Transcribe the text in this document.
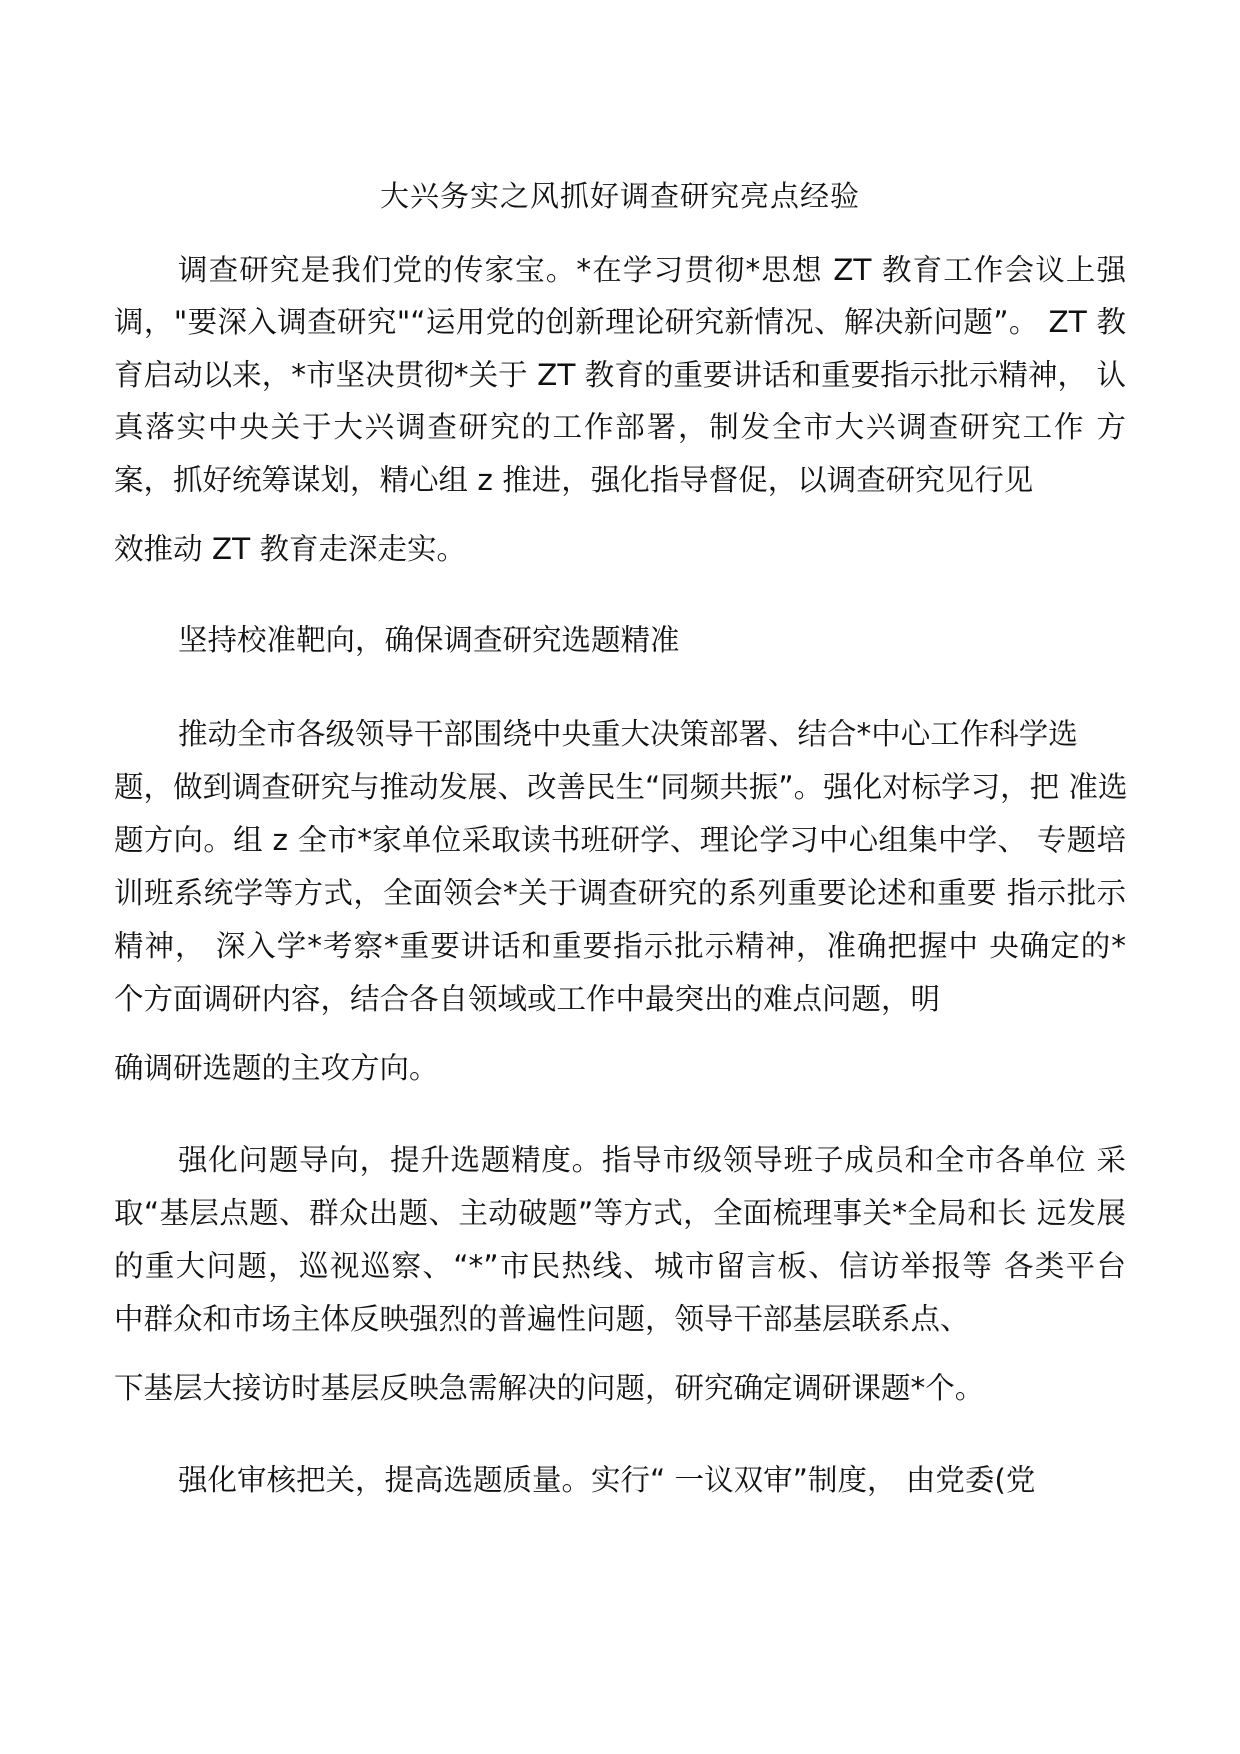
大兴务实之风抓好调查研究亮点经验
调查研究是我们党的传家宝。*在学习贯彻*思想 ZT 教育工作会议上强
调，"要深入调查研究"“运用党的创新理论研究新情况、解决新问题”。 ZT 教
育启动以来，*市坚决贯彻*关于 ZT 教育的重要讲话和重要指示批示精神， 认
真落实中央关于大兴调查研究的工作部署，制发全市大兴调查研究工作 方
案，抓好统筹谋划，精心组 z 推进，强化指导督促，以调查研究见行见
效推动 ZT 教育走深走实。
坚持校准靶向，确保调查研究选题精准
推动全市各级领导干部围绕中央重大决策部署、结合*中心工作科学选
题，做到调查研究与推动发展、改善民生“同频共振”。强化对标学习，把 准选
题方向。组 z 全市*家单位采取读书班研学、理论学习中心组集中学、 专题培
训班系统学等方式，全面领会*关于调查研究的系列重要论述和重要 指示批示
精神， 深入学*考察*重要讲话和重要指示批示精神，准确把握中 央确定的*
个方面调研内容，结合各自领域或工作中最突出的难点问题，明
确调研选题的主攻方向。
强化问题导向，提升选题精度。指导市级领导班子成员和全市各单位 采
取“基层点题、群众出题、主动破题”等方式，全面梳理事关*全局和长 远发展
的重大问题，巡视巡察、“*”市民热线、城市留言板、信访举报等 各类平台
中群众和市场主体反映强烈的普遍性问题，领导干部基层联系点、
下基层大接访时基层反映急需解决的问题，研究确定调研课题*个。
强化审核把关，提高选题质量。实行“ 一议双审”制度， 由党委(党
